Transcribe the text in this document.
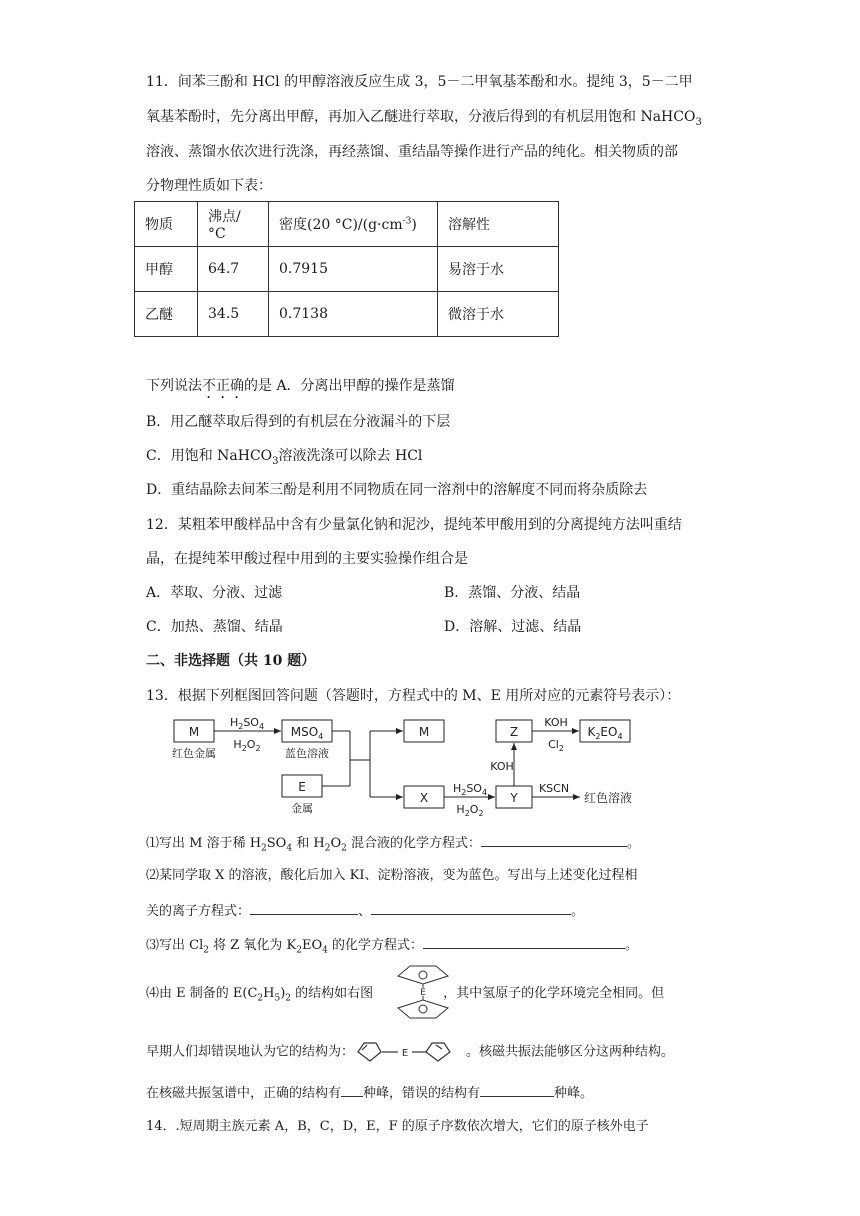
11．间苯三酚和 HCl 的甲醇溶液反应生成 3，5－二甲氧基苯酚和水。提纯 3，5－二甲
氧基苯酚时，先分离出甲醇，再加入乙醚进行萃取，分液后得到的有机层用饱和 NaHCO$_3$
溶液、蒸馏水依次进行洗涤，再经蒸馏、重结晶等操作进行产品的纯化。相关物质的部
分物理性质如下表：
物质	沸点/°C	密度(20 $^\circ C)/(g\cdot cm^{-3})$	溶解性
甲醇	64.7	0.7915	易溶于水
乙醚	34.5	0.7138	微溶于水
下列说法不正确的是 A．分离出甲醇的操作是蒸馏
B．用乙醚萃取后得到的有机层在分液漏斗的下层
C．用饱和 NaHCO$_3$溶液洗涤可以除去 HCl
D．重结晶除去间苯三酚是利用不同物质在同一溶剂中的溶解度不同而将杂质除去
12．某粗苯甲酸样品中含有少量氯化钠和泥沙，提纯苯甲酸用到的分离提纯方法叫重结
晶，在提纯苯甲酸过程中用到的主要实验操作组合是
A．萃取、分液、过滤	B．蒸馏、分液、结晶
C．加热、蒸馏、结晶	D．溶解、过滤、结晶
二、非选择题（共 10 题）
13．根据下列框图回答问题（答题时，方程式中的 M、E 用所对应的元素符号表示）：
M
红色金属
$H_2SO_4$
$H_2O_2$
$MSO_4$
蓝色溶液
E
金属
M
X
$H_2SO_4$
$H_2O_2$
Z
Y
KOH
KOH
$Cl_2$
$K_2EO_4$
KSCN
红色溶液
⑴写出 M 溶于稀 $H_2SO_4$ 和 $H_2O_2$ 混合液的化学方程式：	。
⑵某同学取 X 的溶液，酸化后加入 KI、淀粉溶液，变为蓝色。写出与上述变化过程相
关的离子方程式：	、	。
⑶写出 $Cl_2$ 将 Z 氧化为 $K_2EO_4$ 的化学方程式：	。
⑷由 E 制备的 $E(C_2H_5)_2$ 的结构如右图	，其中氢原子的化学环境完全相同。但
E
早期人们却错误地认为它的结构为：	E	。核磁共振法能够区分这两种结构。
在核磁共振氢谱中，正确的结构有 种峰，错误的结构有	种峰。
14．.短周期主族元素 A，B，C，D，E，F 的原子序数依次增大，它们的原子核外电子
